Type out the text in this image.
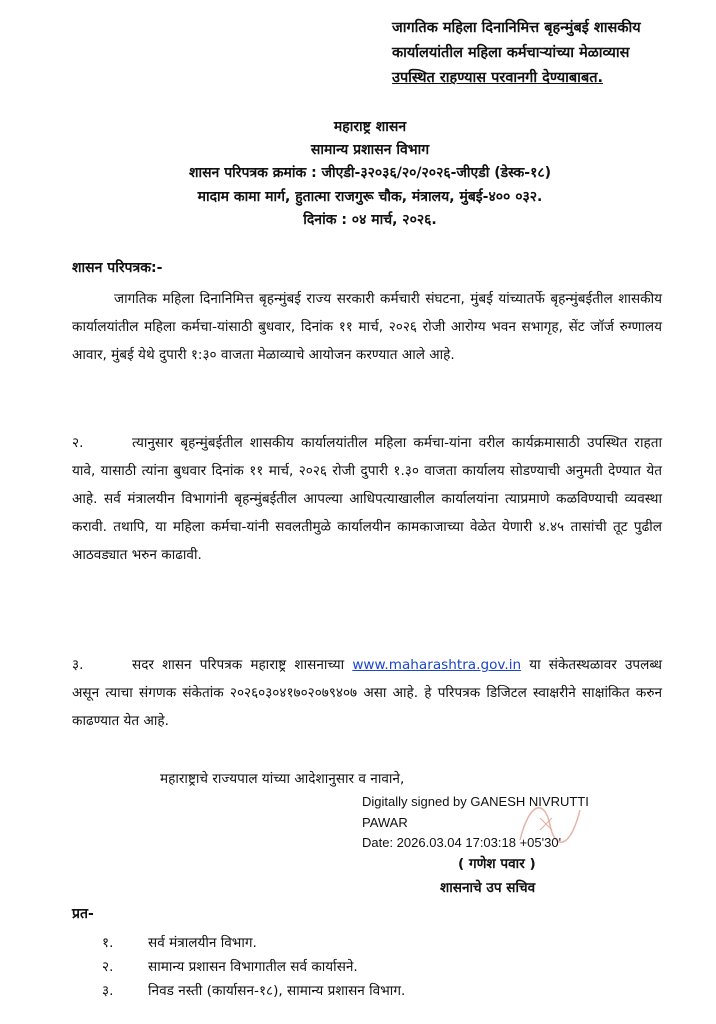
जागतिक महिला दिनानिमित्त बृहन्मुंबई शासकीय
कार्यालयांतील महिला कर्मचाऱ्यांच्या मेळाव्यास
उपस्थित राहण्यास परवानगी देण्याबाबत.
महाराष्ट्र शासन
सामान्य प्रशासन विभाग
शासन परिपत्रक क्रमांक : जीएडी-३२०३६/२०/२०२६-जीएडी (डेस्क-१८)
मादाम कामा मार्ग, हुतात्मा राजगुरू चौक, मंत्रालय, मुंबई-४०० ०३२.
दिनांक : ०४ मार्च, २०२६.
शासन परिपत्रक:-
जागतिक महिला दिनानिमित्त बृहन्मुंबई राज्य सरकारी कर्मचारी संघटना, मुंबई यांच्यातर्फे बृहन्मुंबईतील शासकीय कार्यालयांतील महिला कर्मचा-यांसाठी बुधवार, दिनांक ११ मार्च, २०२६ रोजी आरोग्य भवन सभागृह, सेंट जॉर्ज रुग्णालय आवार, मुंबई येथे दुपारी १:३० वाजता मेळाव्याचे आयोजन करण्यात आले आहे.
२.	त्यानुसार बृहन्मुंबईतील शासकीय कार्यालयांतील महिला कर्मचा-यांना वरील कार्यक्रमासाठी उपस्थित राहता यावे, यासाठी त्यांना बुधवार दिनांक ११ मार्च, २०२६ रोजी दुपारी १.३० वाजता कार्यालय सोडण्याची अनुमती देण्यात येत आहे. सर्व मंत्रालयीन विभागांनी बृहन्मुंबईतील आपल्या आधिपत्याखालील कार्यालयांना त्याप्रमाणे कळविण्याची व्यवस्था करावी. तथापि, या महिला कर्मचा-यांनी सवलतीमुळे कार्यालयीन कामकाजाच्या वेळेत येणारी ४.४५ तासांची तूट पुढील आठवड्यात भरुन काढावी.
३.	सदर शासन परिपत्रक महाराष्ट्र शासनाच्या www.maharashtra.gov.in या संकेतस्थळावर उपलब्ध असून त्याचा संगणक संकेतांक २०२६०३०४१७०२०७९४०७ असा आहे. हे परिपत्रक डिजिटल स्वाक्षरीने साक्षांकित करुन काढण्यात येत आहे.
महाराष्ट्राचे राज्यपाल यांच्या आदेशानुसार व नावाने,
Digitally signed by GANESH NIVRUTTI
PAWAR
Date: 2026.03.04 17:03:18 +05'30'
( गणेश पवार )
शासनाचे उप सचिव
प्रत-
१.	सर्व मंत्रालयीन विभाग.
२.	सामान्य प्रशासन विभागातील सर्व कार्यासने.
३.	निवड नस्ती (कार्यासन-१८), सामान्य प्रशासन विभाग.
